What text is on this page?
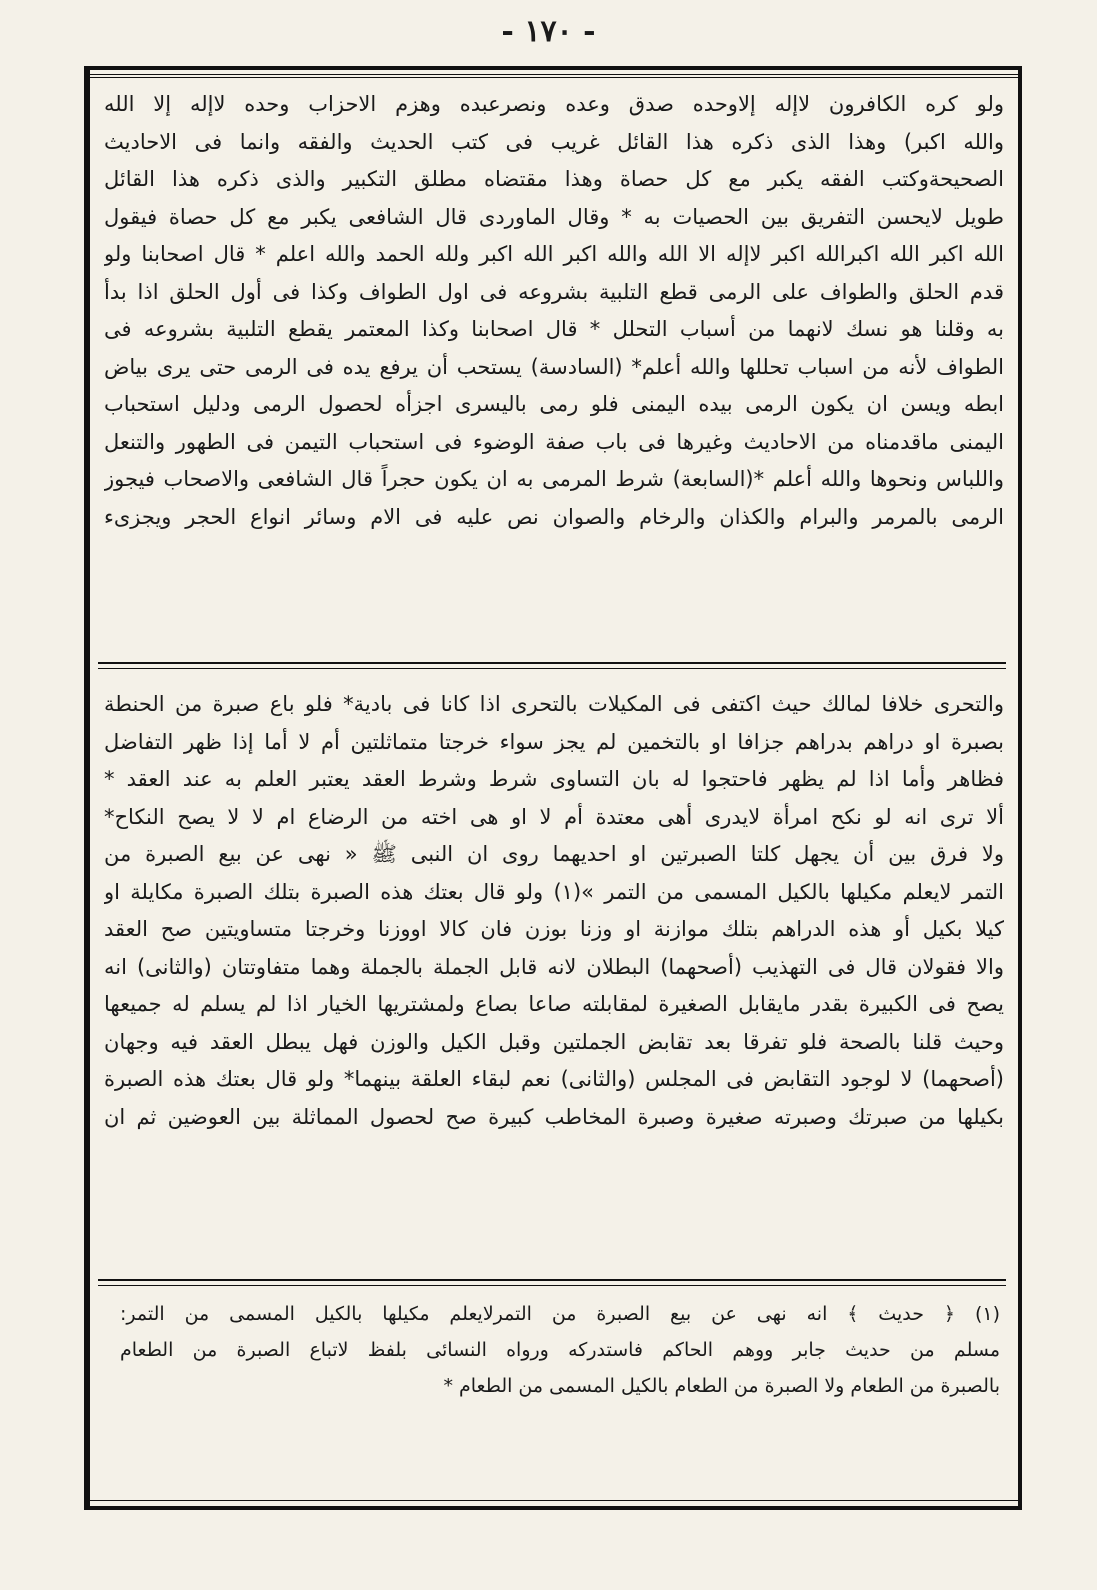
- ١٧٠ -
ولو كره الكافرون لاإله إلاوحده صدق وعده ونصرعبده وهزم الاحزاب وحده لاإله إلا الله
والله اكبر) وهذا الذى ذكره هذا القائل غريب فى كتب الحديث والفقه وانما فى الاحاديث
الصحيحةوكتب الفقه يكبر مع كل حصاة وهذا مقتضاه مطلق التكبير والذى ذكره هذا القائل
طويل لايحسن التفريق بين الحصيات به * وقال الماوردى قال الشافعى يكبر مع كل حصاة فيقول
الله اكبر الله اكبرالله اكبر لاإله الا الله والله اكبر الله اكبر ولله الحمد والله اعلم * قال اصحابنا ولو
قدم الحلق والطواف على الرمى قطع التلبية بشروعه فى اول الطواف وكذا فى أول الحلق اذا بدأ
به وقلنا هو نسك لانهما من أسباب التحلل * قال اصحابنا وكذا المعتمر يقطع التلبية بشروعه فى
الطواف لأنه من اسباب تحللها والله أعلم* (السادسة) يستحب أن يرفع يده فى الرمى حتى يرى بياض
ابطه ويسن ان يكون الرمى بيده اليمنى فلو رمى باليسرى اجزأه لحصول الرمى ودليل استحباب
اليمنى ماقدمناه من الاحاديث وغيرها فى باب صفة الوضوء فى استحباب التيمن فى الطهور والتنعل
واللباس ونحوها والله أعلم *(السابعة) شرط المرمى به ان يكون حجراً قال الشافعى والاصحاب فيجوز
الرمى بالمرمر والبرام والكذان والرخام والصوان نص عليه فى الام وسائر انواع الحجر ويجزىء
والتحرى خلافا لمالك حيث اكتفى فى المكيلات بالتحرى اذا كانا فى بادية* فلو باع صبرة من الحنطة
بصبرة او دراهم بدراهم جزافا او بالتخمين لم يجز سواء خرجتا متماثلتين أم لا أما إذا ظهر التفاضل
فظاهر وأما اذا لم يظهر فاحتجوا له بان التساوى شرط وشرط العقد يعتبر العلم به عند العقد *
ألا ترى انه لو نكح امرأة لايدرى أهى معتدة أم لا او هى اخته من الرضاع ام لا لا يصح النكاح*
ولا فرق بين أن يجهل كلتا الصبرتين او احديهما روى ان النبى ﷺ « نهى عن بيع الصبرة من
التمر لايعلم مكيلها بالكيل المسمى من التمر »(١) ولو قال بعتك هذه الصبرة بتلك الصبرة مكايلة او
كيلا بكيل أو هذه الدراهم بتلك موازنة او وزنا بوزن فان كالا اووزنا وخرجتا متساويتين صح العقد
والا فقولان قال فى التهذيب (أصحهما) البطلان لانه قابل الجملة بالجملة وهما متفاوتتان (والثانى) انه
يصح فى الكبيرة بقدر مايقابل الصغيرة لمقابلته صاعا بصاع ولمشتريها الخيار اذا لم يسلم له جميعها
وحيث قلنا بالصحة فلو تفرقا بعد تقابض الجملتين وقبل الكيل والوزن فهل يبطل العقد فيه وجهان
(أصحهما) لا لوجود التقابض فى المجلس (والثانى) نعم لبقاء العلقة بينهما* ولو قال بعتك هذه الصبرة
بكيلها من صبرتك وصبرته صغيرة وصبرة المخاطب كبيرة صح لحصول المماثلة بين العوضين ثم ان
(١) ﴿ حديث ﴾ انه نهى عن بيع الصبرة من التمرلايعلم مكيلها بالكيل المسمى من التمر:
مسلم من حديث جابر ووهم الحاكم فاستدركه ورواه النسائى بلفظ لاتباع الصبرة من الطعام
بالصبرة من الطعام ولا الصبرة من الطعام بالكيل المسمى من الطعام *
